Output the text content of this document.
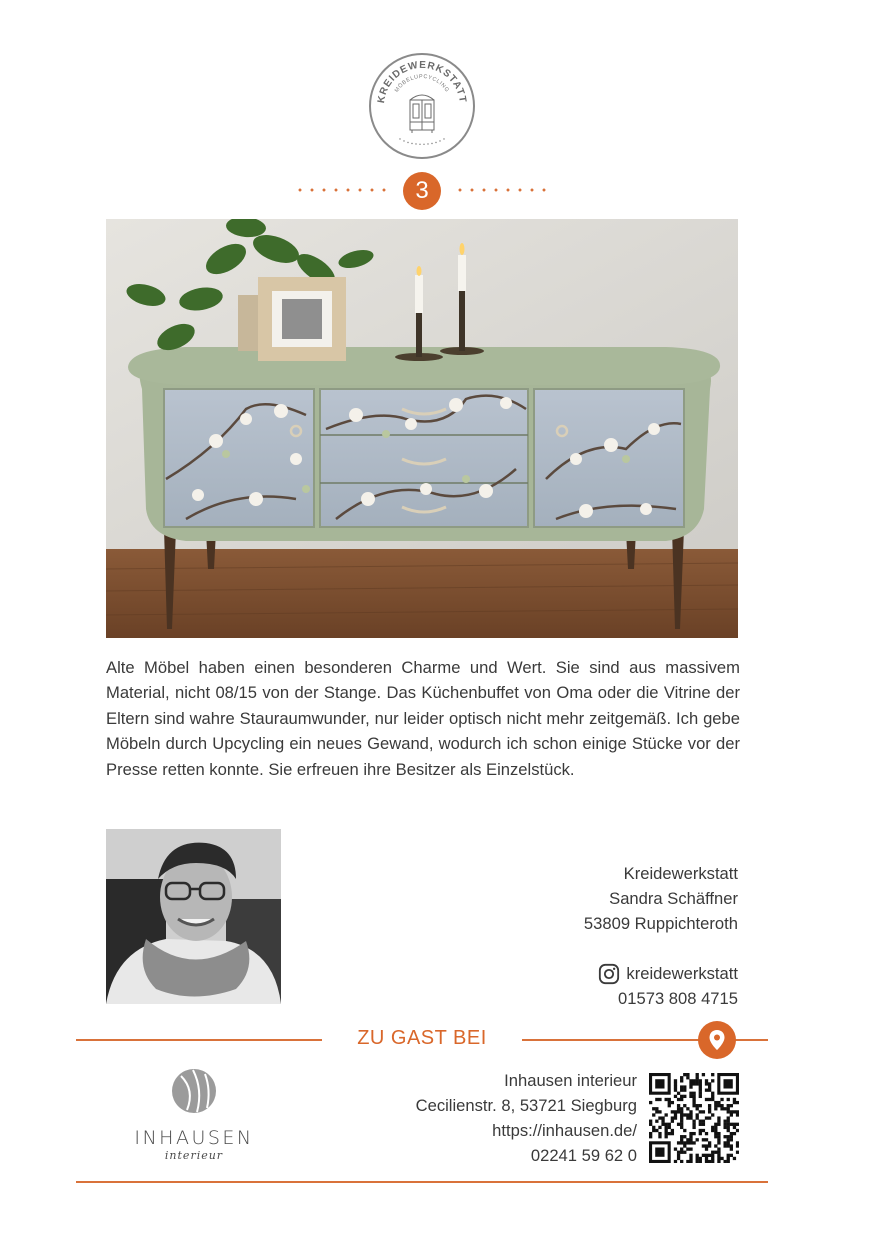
KREIDEWERKSTATT
MÖBELUPCYCLING
3

Alte Möbel haben einen besonderen Charme und Wert. Sie sind aus massivem Material, nicht 08/15 von der Stange. Das Küchenbuffet von Oma oder die Vitrine der Eltern sind wahre Stauraumwunder, nur leider optisch nicht mehr zeitgemäß. Ich gebe Möbeln durch Upcycling ein neues Gewand, wodurch ich schon einige Stücke vor der Presse retten konnte. Sie erfreuen ihre Besitzer als Einzelstück.

Kreidewerkstatt
Sandra Schäffner
53809 Ruppichteroth
kreidewerkstatt
01573 808 4715
ZU GAST BEI
INHAUSEN
interieur
Inhausen interieur
Cecilienstr. 8, 53721 Siegburg
https://inhausen.de/
02241 59 62 0
